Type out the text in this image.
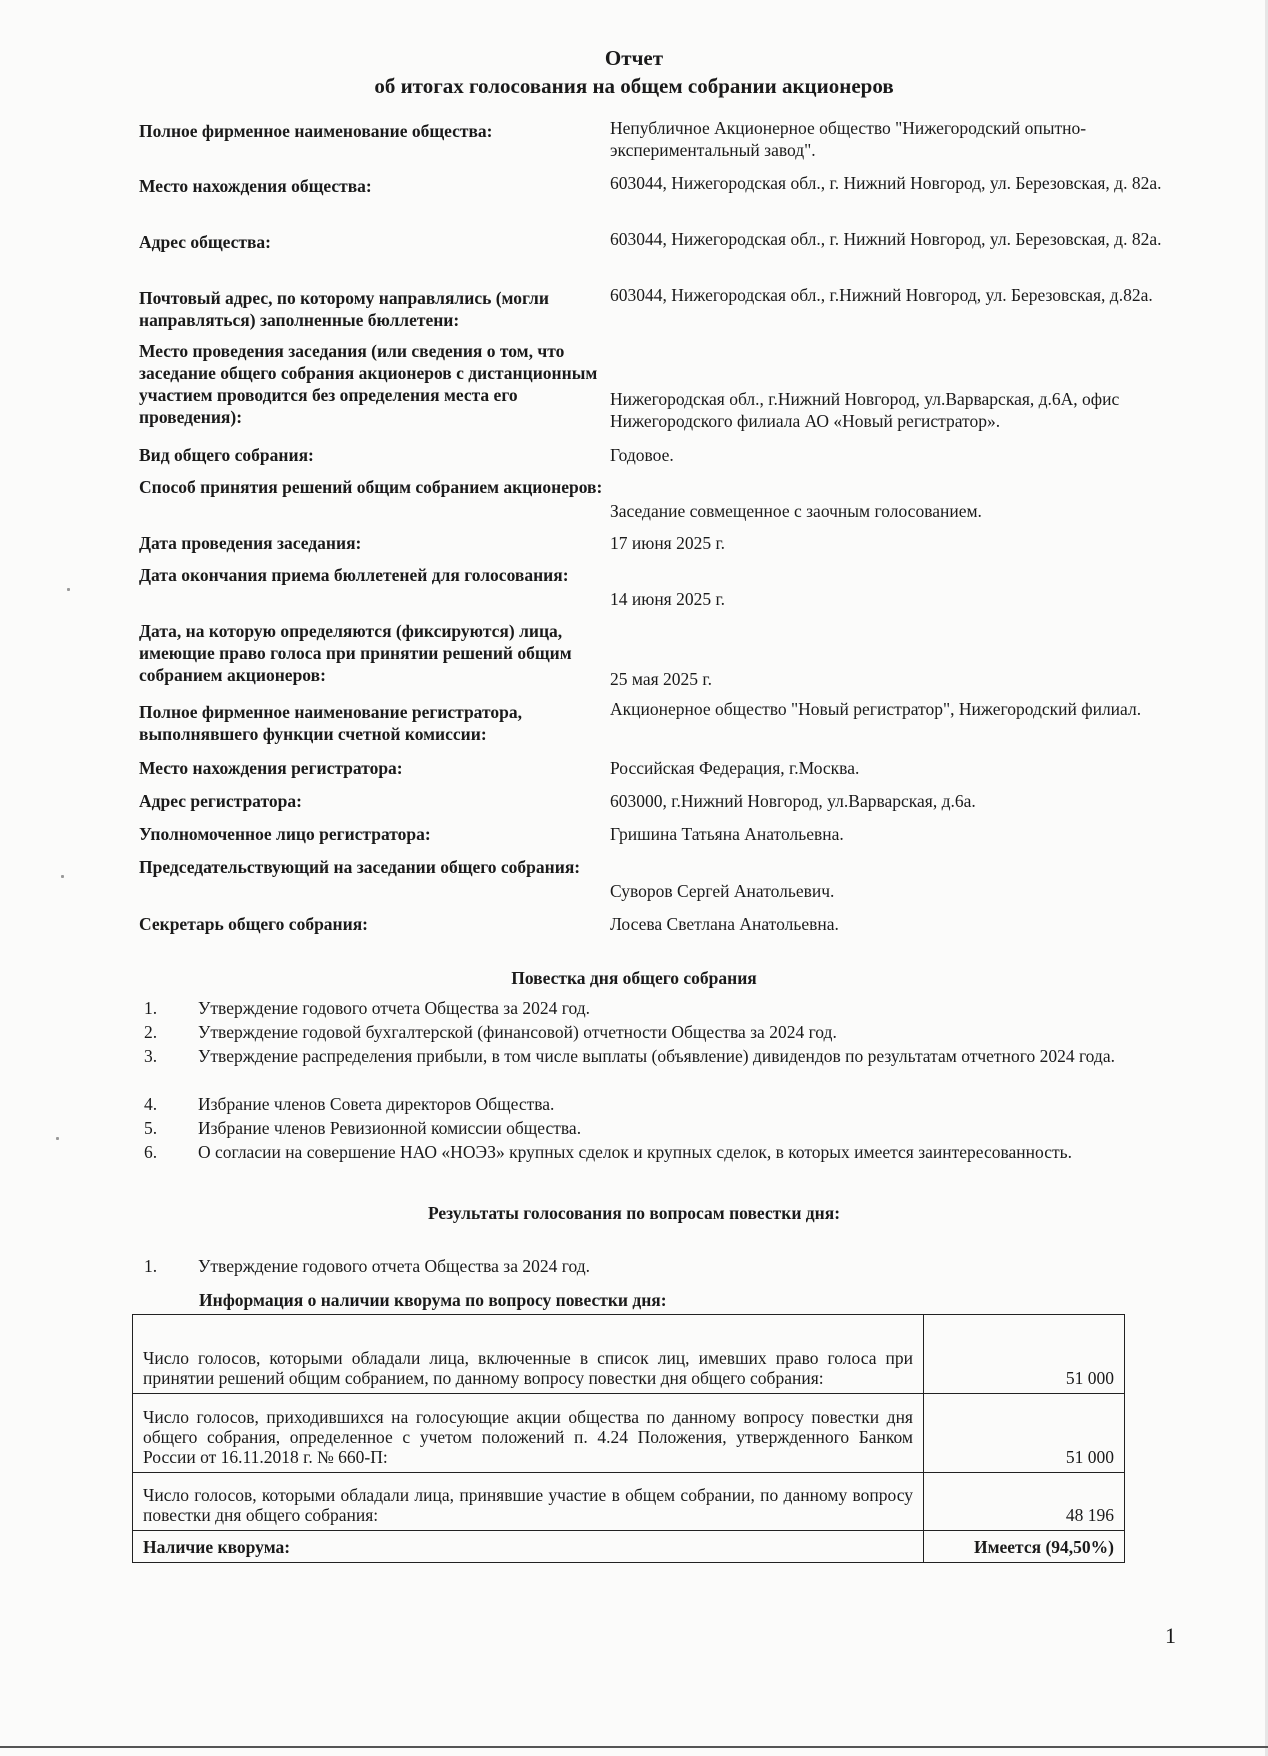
Отчет
об итогах голосования на общем собрании акционеров
Полное фирменное наименование общества:	Непубличное Акционерное общество "Нижегородский опытно-экспериментальный завод".
Место нахождения общества:	603044, Нижегородская обл., г. Нижний Новгород, ул. Березовская, д. 82а.
Адрес общества:	603044, Нижегородская обл., г. Нижний Новгород, ул. Березовская, д. 82а.
Почтовый адрес, по которому направлялись (могли направляться) заполненные бюллетени:
603044, Нижегородская обл., г.Нижний Новгород, ул. Березовская, д.82а.
Место проведения заседания (или сведения о том, что заседание общего собрания акционеров с дистанционным участием проводится без определения места его проведения):
Нижегородская обл., г.Нижний Новгород, ул.Варварская, д.6А, офис Нижегородского филиала АО «Новый регистратор».
Вид общего собрания:	Годовое.
Способ принятия решений общим собранием акционеров:
Заседание совмещенное с заочным голосованием.
Дата проведения заседания:	17 июня 2025 г.
Дата окончания приема бюллетеней для голосования:
14 июня 2025 г.
Дата, на которую определяются (фиксируются) лица, имеющие право голоса при принятии решений общим собранием акционеров:	25 мая 2025 г.
Полное фирменное наименование регистратора, выполнявшего функции счетной комиссии:
Акционерное общество "Новый регистратор", Нижегородский филиал.
Место нахождения регистратора:	Российская Федерация, г.Москва.
Адрес регистратора:	603000, г.Нижний Новгород, ул.Варварская, д.6а.
Уполномоченное лицо регистратора:	Гришина Татьяна Анатольевна.
Председательствующий на заседании общего собрания:
Суворов Сергей Анатольевич.
Секретарь общего собрания:	Лосева Светлана Анатольевна.
Повестка дня общего собрания
1.	Утверждение годового отчета Общества за 2024 год.
2.	Утверждение годовой бухгалтерской (финансовой) отчетности Общества за 2024 год.
3.	Утверждение распределения прибыли, в том числе выплаты (объявление) дивидендов по результатам отчетного 2024 года.
4.	Избрание членов Совета директоров Общества.
5.	Избрание членов Ревизионной комиссии общества.
6.	О согласии на совершение НАО «НОЭЗ» крупных сделок и крупных сделок, в которых имеется заинтересованность.
Результаты голосования по вопросам повестки дня:
1.	Утверждение годового отчета Общества за 2024 год.
Информация о наличии кворума по вопросу повестки дня:
Число голосов, которыми обладали лица, включенные в список лиц, имевших право голоса при принятии решений общим собранием, по данному вопросу повестки дня общего собрания:	51 000
Число голосов, приходившихся на голосующие акции общества по данному вопросу повестки дня общего собрания, определенное с учетом положений п. 4.24 Положения, утвержденного Банком России от 16.11.2018 г. № 660-П:	51 000
Число голосов, которыми обладали лица, принявшие участие в общем собрании, по данному вопросу повестки дня общего собрания:	48 196
Наличие кворума:	Имеется (94,50%)
1
